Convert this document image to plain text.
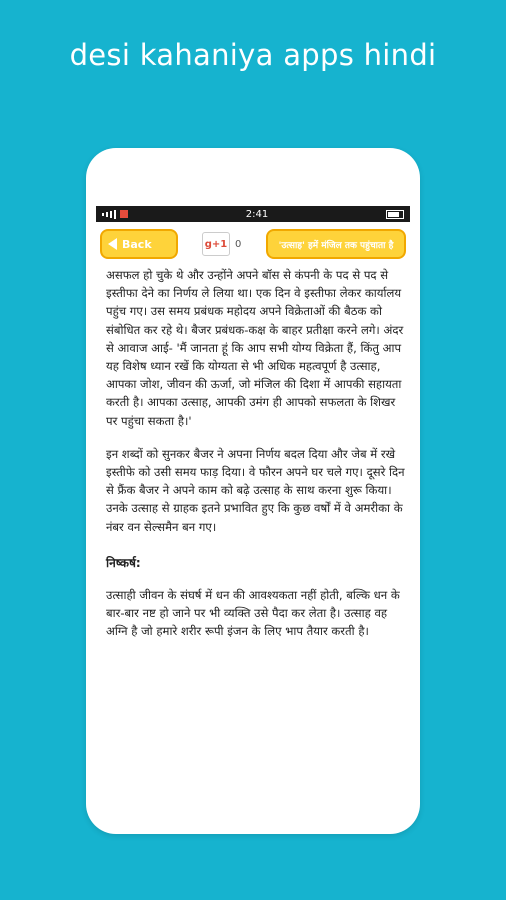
desi kahaniya apps hindi
2:41
Back	g+1 0	'उत्साह' हमें मंजिल तक पहुंचाता है

असफल हो चुके थे और उन्होंने अपने बॉस से कंपनी के पद से पद से इस्तीफा देने का निर्णय ले लिया था। एक दिन वे इस्तीफा लेकर कार्यालय पहुंच गए। उस समय प्रबंधक महोदय अपने विक्रेताओं की बैठक को संबोधित कर रहे थे। बैजर प्रबंधक-कक्ष के बाहर प्रतीक्षा करने लगे। अंदर से आवाज आई- 'मैं जानता हूं कि आप सभी योग्य विक्रेता हैं, किंतु आप यह विशेष ध्यान रखें कि योग्यता से भी अधिक महत्वपूर्ण है उत्साह, आपका जोश, जीवन की ऊर्जा, जो मंजिल की दिशा में आपकी सहायता करती है। आपका उत्साह, आपकी उमंग ही आपको सफलता के शिखर पर पहुंचा सकता है।'

इन शब्दों को सुनकर बैजर ने अपना निर्णय बदल दिया और जेब में रखे इस्तीफे को उसी समय फाड़ दिया। वे फौरन अपने घर चले गए। दूसरे दिन से फ्रैंक बैजर ने अपने काम को बढ़े उत्साह के साथ करना शुरू किया। उनके उत्साह से ग्राहक इतने प्रभावित हुए कि कुछ वर्षों में वे अमरीका के नंबर वन सेल्समैन बन गए।

निष्कर्ष:

उत्साही जीवन के संघर्ष में धन की आवश्यकता नहीं होती, बल्कि धन के बार-बार नष्ट हो जाने पर भी व्यक्ति उसे पैदा कर लेता है। उत्साह वह अग्नि है जो हमारे शरीर रूपी इंजन के लिए भाप तैयार करती है।
